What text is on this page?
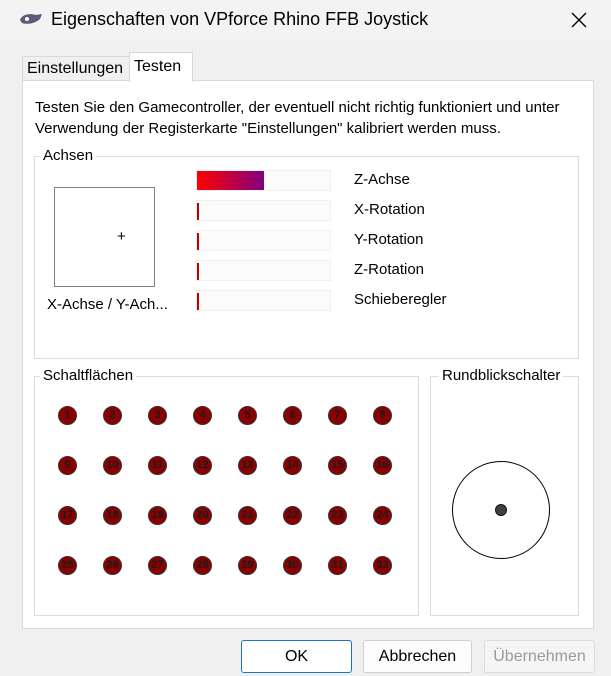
Eigenschaften von VPforce Rhino FFB Joystick
Einstellungen Testen
Testen Sie den Gamecontroller, der eventuell nicht richtig funktioniert und unter Verwendung der Registerkarte "Einstellungen" kalibriert werden muss.
Achsen
+
X-Achse / Y-Ach...
Z-Achse
X-Rotation
Y-Rotation
Z-Rotation
Schieberegler
Schaltflächen
1	2	3	4	5	6	7	8
9	10	11	12	13	14	15	16
17	18	19	20	21	22	23	24
25	26	27	28	29	30	31	32
Rundblickschalter
OK	Abbrechen	Übernehmen
